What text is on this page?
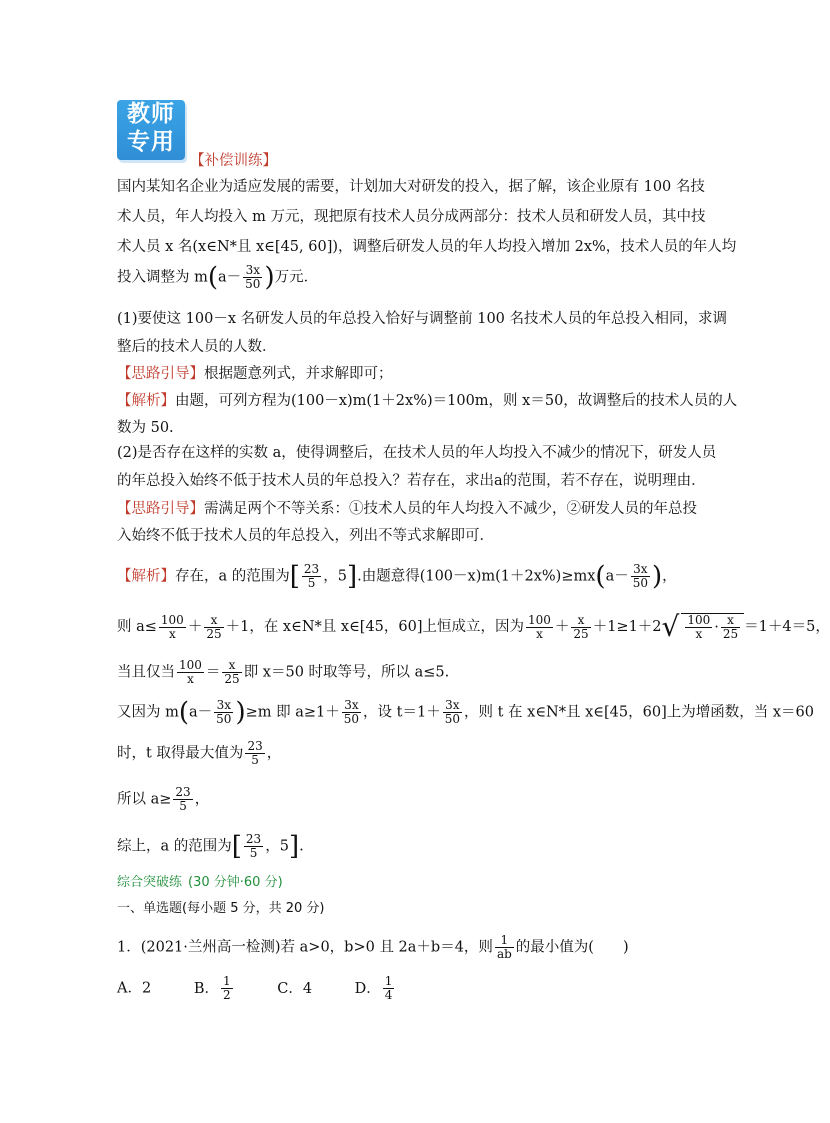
教师
专用
【补偿训练】
国内某知名企业为适应发展的需要，计划加大对研发的投入，据了解，该企业原有 100 名技
术人员，年人均投入 m 万元，现把原有技术人员分成两部分：技术人员和研发人员，其中技
术人员 x 名(x∈N*且 x∈[45, 60])，调整后研发人员的年人均投入增加 2x%，技术人员的年人均
投入调整为 $m(a- \frac{3x}{50}$ )万元．
(1)要使这 100－x 名研发人员的年总投入恰好与调整前 100 名技术人员的年总投入相同，求调
整后的技术人员的人数．
【思路引导】根据题意列式，并求解即可；
【解析】由题，可列方程为(100－x)m(1＋2x%)＝100m，则 x＝50，故调整后的技术人员的人
数为 50.
(2)是否存在这样的实数 a，使得调整后，在技术人员的年人均投入不减少的情况下，研发人员
的年总投入始终不低于技术人员的年总投入？若存在，求出a的范围，若不存在，说明理由．
【思路引导】需满足两个不等关系：①技术人员的年人均投入不减少，②研发人员的年总投
入始终不低于技术人员的年总投入，列出不等式求解即可．
【解析】存在，a 的范围为[ $\frac{23}{5}$ ，5].由题意得$(100-x)m(1+2x\%)\ge mx(a- \frac{3x}{50}$ )，
则 $a\le \frac{100}{x} + \frac{x}{25} +1$，在 x∈N*且 x∈[45，60]上恒成立，因为 $\frac{100}{x} + \frac{x}{25} +1\ge 1+2√ \frac{100}{x} \cdot \frac{x}{25} =1+4=5$，
当且仅当 $\frac{100}{x} = \frac{x}{25}$ 即 x＝50 时取等号，所以 a≤5.
又因为 $m(a- \frac{3x}{50} )\ge m$ 即 $a\ge 1+ \frac{3x}{50}$ ，设 $t=1+ \frac{3x}{50}$ ，则 t 在 x∈N*且 x∈[45，60]上为增函数，当 x＝60
时，t 取得最大值为 $\frac{23}{5}$ ，
所以 $a\ge \frac{23}{5}$ ，
综上，a 的范围为[ $\frac{23}{5}$ ，5].
综合突破练 (30 分钟·60 分)
一、单选题(每小题 5 分，共 20 分)
1．(2021·兰州高一检测)若 a>0，b>0 且 2a＋b＝4，则 $\frac{1}{ab}$ 的最小值为(　　)
A．2	B． $\frac{1}{2}$	C．4	D． $\frac{1}{4}$
